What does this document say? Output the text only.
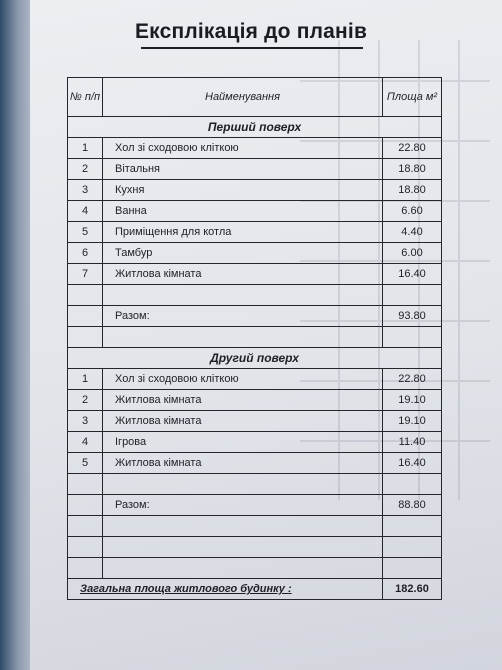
Експлікація до планів
№ п/п	Найменування	Площа м²
Перший поверх		
1	Хол зі сходовою кліткою	22.80
2	Вітальня	18.80
3	Кухня	18.80
4	Ванна	6.60
5	Приміщення для котла	4.40
6	Тамбур	6.00
7	Житлова кімната	16.40

	Разом:	93.80

Другий поверх		
1	Хол зі сходовою кліткою	22.80
2	Житлова кімната	19.10
3	Житлова кімната	19.10
4	Ігрова	11.40
5	Житлова кімната	16.40

	Разом:	88.80

Загальна площа житлового будинку :		182.60
